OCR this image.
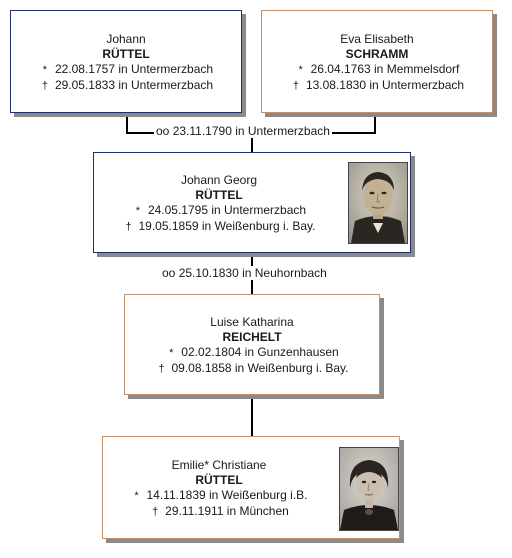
oo 23.11.1790 in Untermerzbach
oo 25.10.1830 in Neuhornbach
Johann
RÜTTEL
* 22.08.1757 in Untermerzbach
† 29.05.1833 in Untermerzbach
Eva Elisabeth
SCHRAMM
* 26.04.1763 in Memmelsdorf
† 13.08.1830 in Untermerzbach
Johann Georg
RÜTTEL
* 24.05.1795 in Untermerzbach
† 19.05.1859 in Weißenburg i. Bay.
Luise Katharina
REICHELT
* 02.02.1804 in Gunzenhausen
† 09.08.1858 in Weißenburg i. Bay.
Emilie* Christiane
RÜTTEL
* 14.11.1839 in Weißenburg i.B.
† 29.11.1911 in München
